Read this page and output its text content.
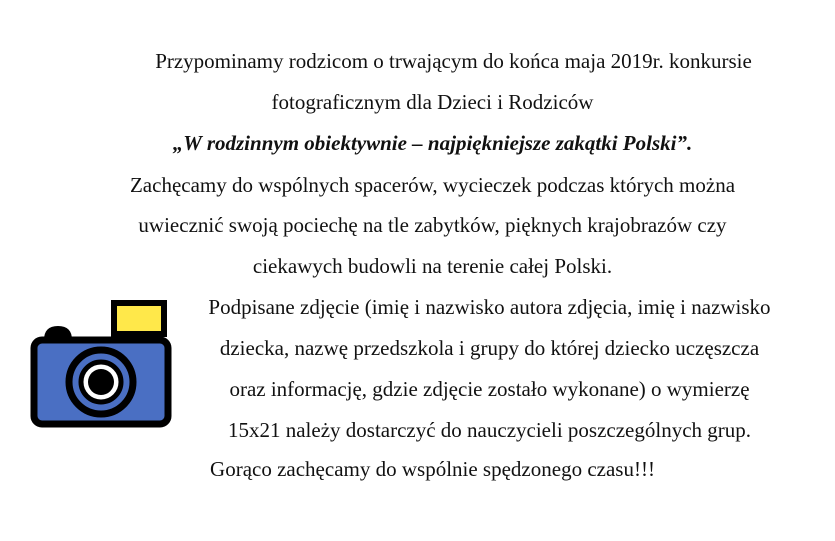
Przypominamy rodzicom o trwającym do końca maja 2019r. konkursie
fotograficznym dla Dzieci i Rodziców
„W rodzinnym obiektywnie – najpiękniejsze zakątki Polski”.
Zachęcamy do wspólnych spacerów, wycieczek podczas których można
uwiecznić swoją pociechę na tle zabytków, pięknych krajobrazów czy
ciekawych budowli na terenie całej Polski.
Podpisane zdjęcie (imię i nazwisko autora zdjęcia, imię i nazwisko
dziecka, nazwę przedszkola i grupy do której dziecko uczęszcza
oraz informację, gdzie zdjęcie zostało wykonane) o wymierzę
15x21 należy dostarczyć do nauczycieli poszczególnych grup.
Gorąco zachęcamy do wspólnie spędzonego czasu!!!
